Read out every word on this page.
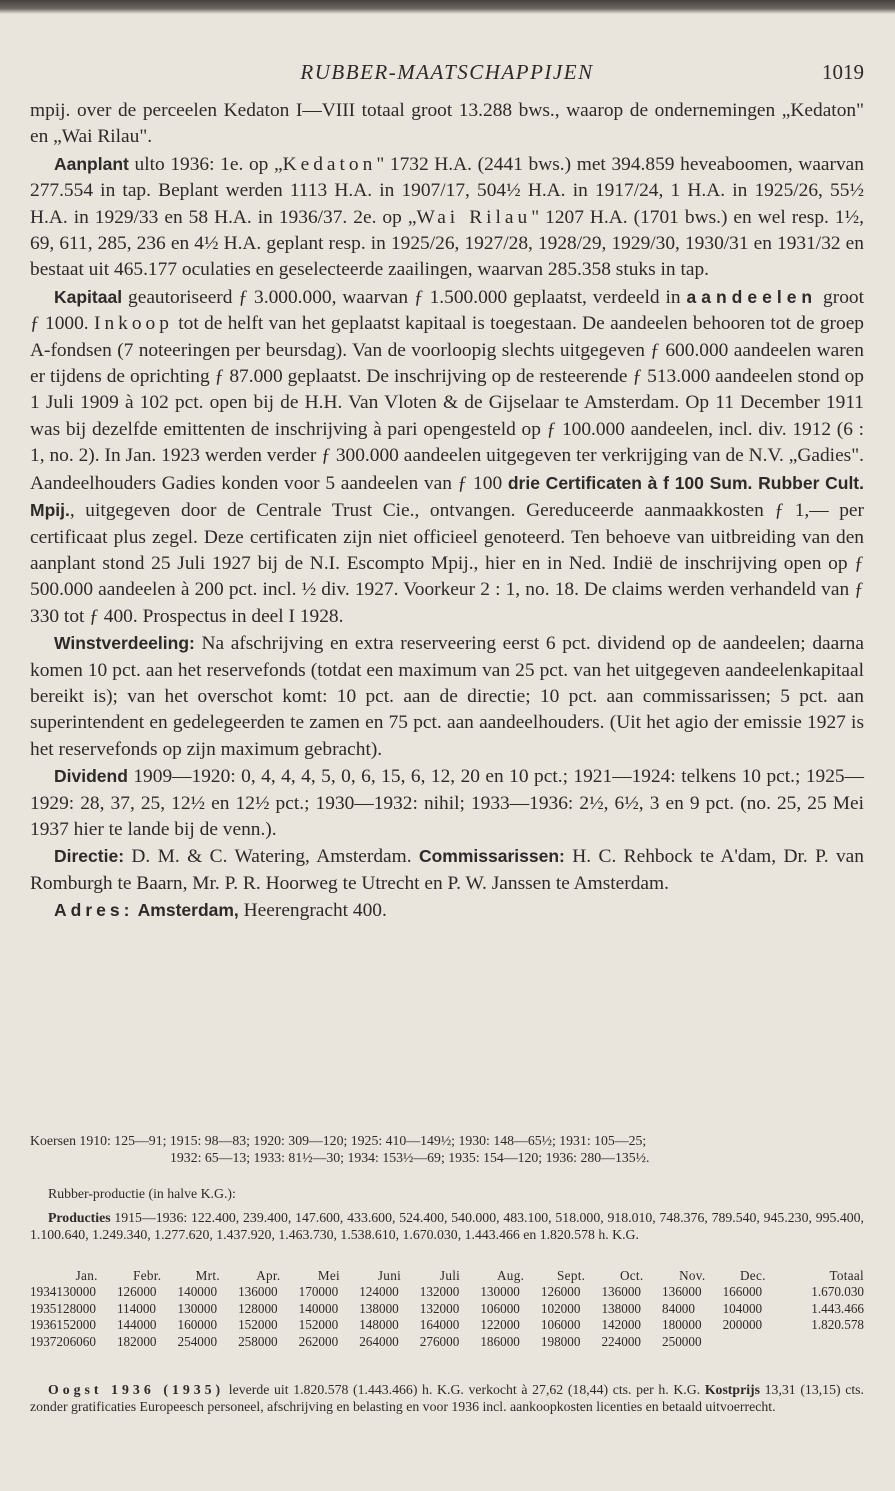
RUBBER-MAATSCHAPPIJEN	1019

mpij. over de perceelen Kedaton I—VIII totaal groot 13.288 bws., waarop de ondernemingen „Kedaton" en „Wai Rilau".

Aanplant ulto 1936: 1e. op „Kedaton" 1732 H.A. (2441 bws.) met 394.859 heveaboomen, waarvan 277.554 in tap. Beplant werden 1113 H.A. in 1907/17, 504½ H.A. in 1917/24, 1 H.A. in 1925/26, 55½ H.A. in 1929/33 en 58 H.A. in 1936/37. 2e. op „Wai Rilau" 1207 H.A. (1701 bws.) en wel resp. 1½, 69, 611, 285, 236 en 4½ H.A. geplant resp. in 1925/26, 1927/28, 1928/29, 1929/30, 1930/31 en 1931/32 en bestaat uit 465.177 oculaties en geselecteerde zaailingen, waarvan 285.358 stuks in tap.

Kapitaal geautoriseerd ƒ 3.000.000, waarvan ƒ 1.500.000 geplaatst, verdeeld in aandeelen groot ƒ 1000. Inkoop tot de helft van het geplaatst kapitaal is toegestaan. De aandeelen behooren tot de groep A-fondsen (7 noteeringen per beursdag). Van de voorloopig slechts uitgegeven ƒ 600.000 aandeelen waren er tijdens de oprichting ƒ 87.000 geplaatst. De inschrijving op de resteerende ƒ 513.000 aandeelen stond op 1 Juli 1909 à 102 pct. open bij de H.H. Van Vloten & de Gijselaar te Amsterdam. Op 11 December 1911 was bij dezelfde emittenten de inschrijving à pari opengesteld op ƒ 100.000 aandeelen, incl. div. 1912 (6 : 1, no. 2). In Jan. 1923 werden verder ƒ 300.000 aandeelen uitgegeven ter verkrijging van de N.V. „Gadies". Aandeelhouders Gadies konden voor 5 aandeelen van ƒ 100 drie Certificaten à f 100 Sum. Rubber Cult. Mpij., uitgegeven door de Centrale Trust Cie., ontvangen. Gereduceerde aanmaakkosten ƒ 1,— per certificaat plus zegel. Deze certificaten zijn niet officieel genoteerd. Ten behoeve van uitbreiding van den aanplant stond 25 Juli 1927 bij de N.I. Escompto Mpij., hier en in Ned. Indië de inschrijving open op ƒ 500.000 aandeelen à 200 pct. incl. ½ div. 1927. Voorkeur 2 : 1, no. 18. De claims werden verhandeld van ƒ 330 tot ƒ 400. Prospectus in deel I 1928.

Winstverdeeling: Na afschrijving en extra reserveering eerst 6 pct. dividend op de aandeelen; daarna komen 10 pct. aan het reservefonds (totdat een maximum van 25 pct. van het uitgegeven aandeelenkapitaal bereikt is); van het overschot komt: 10 pct. aan de directie; 10 pct. aan commissarissen; 5 pct. aan superintendent en gedelegeerden te zamen en 75 pct. aan aandeelhouders. (Uit het agio der emissie 1927 is het reservefonds op zijn maximum gebracht).

Dividend 1909—1920: 0, 4, 4, 4, 5, 0, 6, 15, 6, 12, 20 en 10 pct.; 1921—1924: telkens 10 pct.; 1925—1929: 28, 37, 25, 12½ en 12½ pct.; 1930—1932: nihil; 1933—1936: 2½, 6½, 3 en 9 pct. (no. 25, 25 Mei 1937 hier te lande bij de venn.).

Directie: D. M. & C. Watering, Amsterdam. Commissarissen: H. C. Rehbock te A'dam, Dr. P. van Romburgh te Baarn, Mr. P. R. Hoorweg te Utrecht en P. W. Janssen te Amsterdam.

Adres: Amsterdam, Heerengracht 400.

Koersen 1910: 125—91; 1915: 98—83; 1920: 309—120; 1925: 410—149½; 1930: 148—65½; 1931: 105—25;

1932: 65—13; 1933: 81½—30; 1934: 153½—69; 1935: 154—120; 1936: 280—135½.

Rubber-productie (in halve K.G.):

Producties 1915—1936: 122.400, 239.400, 147.600, 433.600, 524.400, 540.000, 483.100, 518.000, 918.010, 748.376, 789.540, 945.230, 995.400, 1.100.640, 1.249.340, 1.277.620, 1.437.920, 1.463.730, 1.538.610, 1.670.030, 1.443.466 en 1.820.578 h. K.G.

	Jan.	Febr.	Mrt.	Apr.	Mei	Juni	Juli	Aug.	Sept.	Oct.	Nov.	Dec.	Totaal
1934	130000	126000	140000	136000	170000	124000	132000	130000	126000	136000	136000	166000	1.670.030
1935	128000	114000	130000	128000	140000	138000	132000	106000	102000	138000	84000	104000	1.443.466
1936	152000	144000	160000	152000	152000	148000	164000	122000	106000	142000	180000	200000	1.820.578
1937	206060	182000	254000	258000	262000	264000	276000	186000	198000	224000	250000		

Oogst 1936 (1935) leverde uit 1.820.578 (1.443.466) h. K.G. verkocht à 27,62 (18,44) cts. per h. K.G. Kostprijs 13,31 (13,15) cts. zonder gratificaties Europeesch personeel, afschrijving en belasting en voor 1936 incl. aankoopkosten licenties en betaald uitvoerrecht.
